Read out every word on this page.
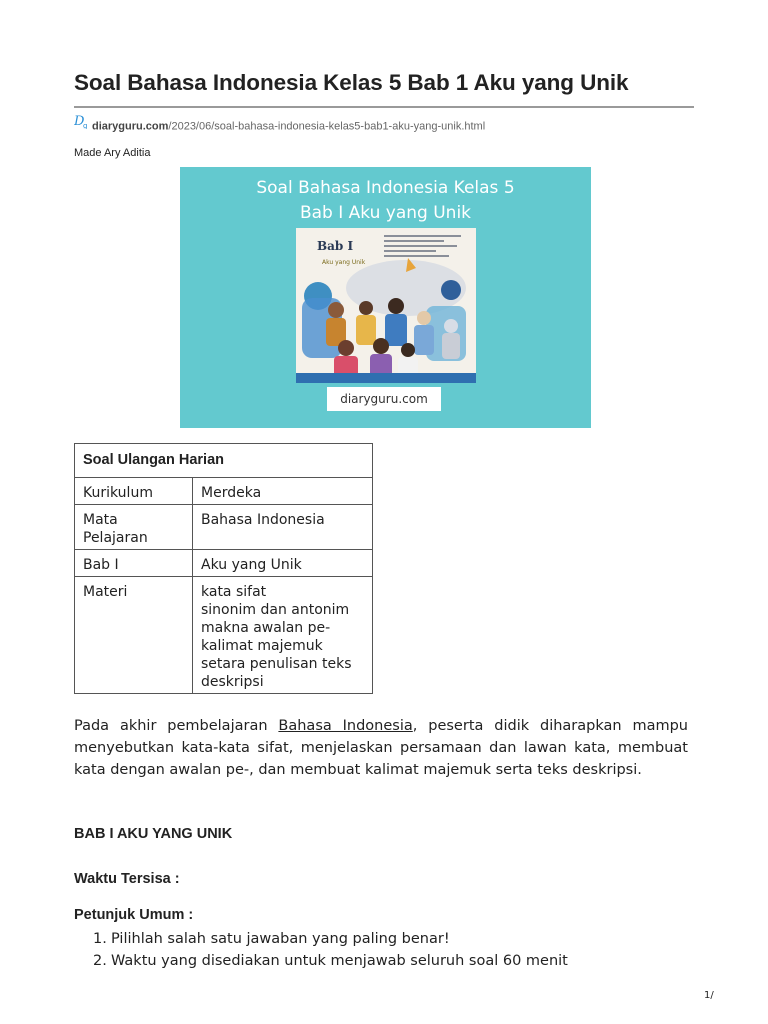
Soal Bahasa Indonesia Kelas 5 Bab 1 Aku yang Unik
D
g diaryguru.com/2023/06/soal-bahasa-indonesia-kelas5-bab1-aku-yang-unik.html Made Ary Aditia
Soal Bahasa Indonesia Kelas 5
Bab I Aku yang Unik
Bab I
Aku yang Unik
diaryguru.com
Soal Ulangan Harian	
Kurikulum	Merdeka
Mata Pelajaran	Bahasa Indonesia
Bab I	Aku yang Unik
Materi	kata sifat
sinonim dan antonim
makna awalan pe-
kalimat majemuk setara penulisan teks deskripsi

Pada akhir pembelajaran Bahasa Indonesia, peserta didik diharapkan mampu menyebutkan kata-kata sifat, menjelaskan persamaan dan lawan kata, membuat kata dengan awalan pe-, dan membuat kalimat majemuk serta teks deskripsi.

BAB I AKU YANG UNIK
Waktu Tersisa :
Petunjuk Umum :
1. Pilihlah salah satu jawaban yang paling benar!
2. Waktu yang disediakan untuk menjawab seluruh soal 60 menit
1/
